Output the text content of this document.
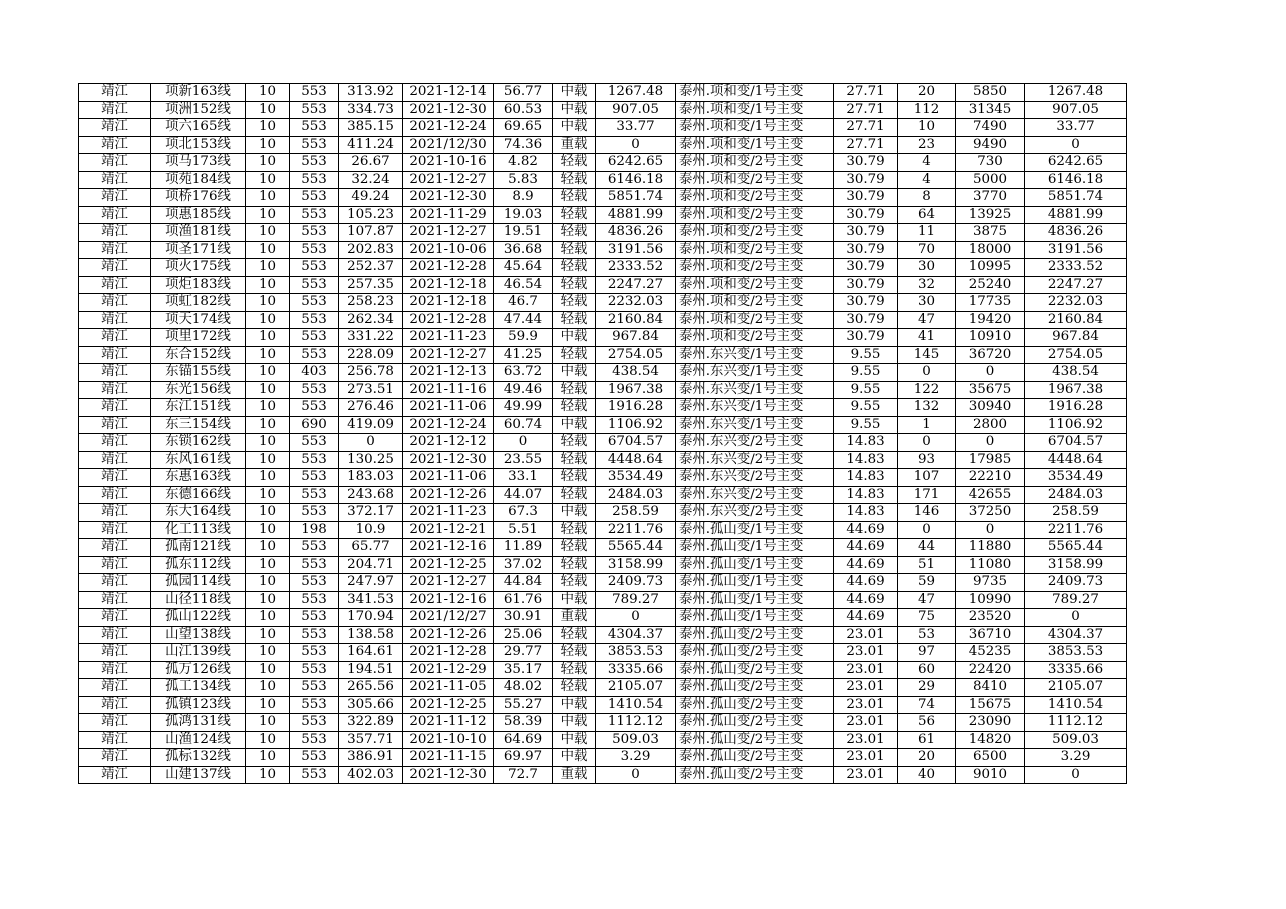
靖江	项新163线	10	553	313.92	2021-12-14	56.77	中载	1267.48	泰州.项和变/1号主变	27.71	20	5850	1267.48
靖江	项洲152线	10	553	334.73	2021-12-30	60.53	中载	907.05	泰州.项和变/1号主变	27.71	112	31345	907.05
靖江	项六165线	10	553	385.15	2021-12-24	69.65	中载	33.77	泰州.项和变/1号主变	27.71	10	7490	33.77
靖江	项北153线	10	553	411.24	2021/12/30	74.36	重载	0	泰州.项和变/1号主变	27.71	23	9490	0
靖江	项马173线	10	553	26.67	2021-10-16	4.82	轻载	6242.65	泰州.项和变/2号主变	30.79	4	730	6242.65
靖江	项苑184线	10	553	32.24	2021-12-27	5.83	轻载	6146.18	泰州.项和变/2号主变	30.79	4	5000	6146.18
靖江	项桥176线	10	553	49.24	2021-12-30	8.9	轻载	5851.74	泰州.项和变/2号主变	30.79	8	3770	5851.74
靖江	项惠185线	10	553	105.23	2021-11-29	19.03	轻载	4881.99	泰州.项和变/2号主变	30.79	64	13925	4881.99
靖江	项渔181线	10	553	107.87	2021-12-27	19.51	轻载	4836.26	泰州.项和变/2号主变	30.79	11	3875	4836.26
靖江	项圣171线	10	553	202.83	2021-10-06	36.68	轻载	3191.56	泰州.项和变/2号主变	30.79	70	18000	3191.56
靖江	项火175线	10	553	252.37	2021-12-28	45.64	轻载	2333.52	泰州.项和变/2号主变	30.79	30	10995	2333.52
靖江	项炬183线	10	553	257.35	2021-12-18	46.54	轻载	2247.27	泰州.项和变/2号主变	30.79	32	25240	2247.27
靖江	项虹182线	10	553	258.23	2021-12-18	46.7	轻载	2232.03	泰州.项和变/2号主变	30.79	30	17735	2232.03
靖江	项天174线	10	553	262.34	2021-12-28	47.44	轻载	2160.84	泰州.项和变/2号主变	30.79	47	19420	2160.84
靖江	项里172线	10	553	331.22	2021-11-23	59.9	中载	967.84	泰州.项和变/2号主变	30.79	41	10910	967.84
靖江	东合152线	10	553	228.09	2021-12-27	41.25	轻载	2754.05	泰州.东兴变/1号主变	9.55	145	36720	2754.05
靖江	东锚155线	10	403	256.78	2021-12-13	63.72	中载	438.54	泰州.东兴变/1号主变	9.55	0	0	438.54
靖江	东光156线	10	553	273.51	2021-11-16	49.46	轻载	1967.38	泰州.东兴变/1号主变	9.55	122	35675	1967.38
靖江	东江151线	10	553	276.46	2021-11-06	49.99	轻载	1916.28	泰州.东兴变/1号主变	9.55	132	30940	1916.28
靖江	东三154线	10	690	419.09	2021-12-24	60.74	中载	1106.92	泰州.东兴变/1号主变	9.55	1	2800	1106.92
靖江	东锁162线	10	553	0	2021-12-12	0	轻载	6704.57	泰州.东兴变/2号主变	14.83	0	0	6704.57
靖江	东风161线	10	553	130.25	2021-12-30	23.55	轻载	4448.64	泰州.东兴变/2号主变	14.83	93	17985	4448.64
靖江	东惠163线	10	553	183.03	2021-11-06	33.1	轻载	3534.49	泰州.东兴变/2号主变	14.83	107	22210	3534.49
靖江	东德166线	10	553	243.68	2021-12-26	44.07	轻载	2484.03	泰州.东兴变/2号主变	14.83	171	42655	2484.03
靖江	东大164线	10	553	372.17	2021-11-23	67.3	中载	258.59	泰州.东兴变/2号主变	14.83	146	37250	258.59
靖江	化工113线	10	198	10.9	2021-12-21	5.51	轻载	2211.76	泰州.孤山变/1号主变	44.69	0	0	2211.76
靖江	孤南121线	10	553	65.77	2021-12-16	11.89	轻载	5565.44	泰州.孤山变/1号主变	44.69	44	11880	5565.44
靖江	孤东112线	10	553	204.71	2021-12-25	37.02	轻载	3158.99	泰州.孤山变/1号主变	44.69	51	11080	3158.99
靖江	孤园114线	10	553	247.97	2021-12-27	44.84	轻载	2409.73	泰州.孤山变/1号主变	44.69	59	9735	2409.73
靖江	山径118线	10	553	341.53	2021-12-16	61.76	中载	789.27	泰州.孤山变/1号主变	44.69	47	10990	789.27
靖江	孤山122线	10	553	170.94	2021/12/27	30.91	重载	0	泰州.孤山变/1号主变	44.69	75	23520	0
靖江	山望138线	10	553	138.58	2021-12-26	25.06	轻载	4304.37	泰州.孤山变/2号主变	23.01	53	36710	4304.37
靖江	山江139线	10	553	164.61	2021-12-28	29.77	轻载	3853.53	泰州.孤山变/2号主变	23.01	97	45235	3853.53
靖江	孤万126线	10	553	194.51	2021-12-29	35.17	轻载	3335.66	泰州.孤山变/2号主变	23.01	60	22420	3335.66
靖江	孤工134线	10	553	265.56	2021-11-05	48.02	轻载	2105.07	泰州.孤山变/2号主变	23.01	29	8410	2105.07
靖江	孤镇123线	10	553	305.66	2021-12-25	55.27	中载	1410.54	泰州.孤山变/2号主变	23.01	74	15675	1410.54
靖江	孤鸿131线	10	553	322.89	2021-11-12	58.39	中载	1112.12	泰州.孤山变/2号主变	23.01	56	23090	1112.12
靖江	山渔124线	10	553	357.71	2021-10-10	64.69	中载	509.03	泰州.孤山变/2号主变	23.01	61	14820	509.03
靖江	孤标132线	10	553	386.91	2021-11-15	69.97	中载	3.29	泰州.孤山变/2号主变	23.01	20	6500	3.29
靖江	山建137线	10	553	402.03	2021-12-30	72.7	重载	0	泰州.孤山变/2号主变	23.01	40	9010	0
